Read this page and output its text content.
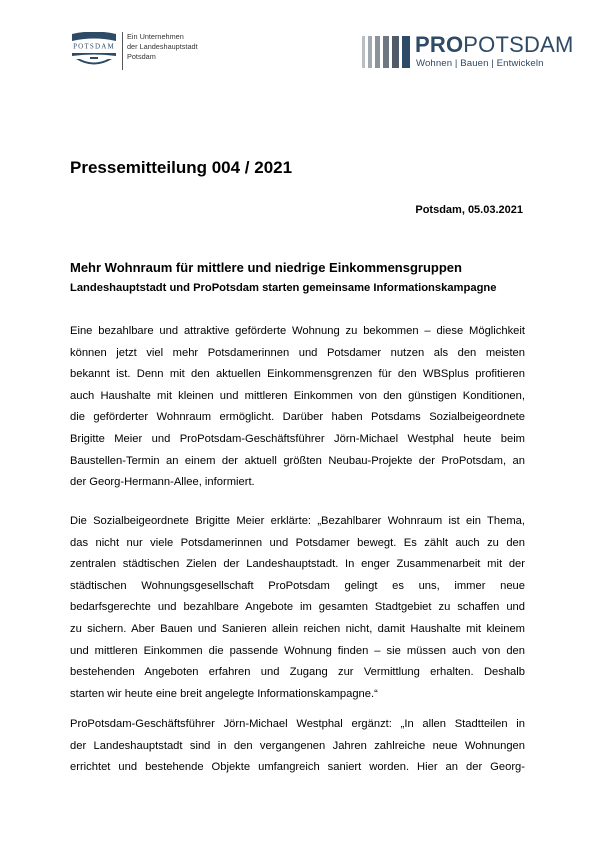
POTSDAM
Ein Unternehmen
der Landeshauptstadt
Potsdam	PROPOTSDAM
Wohnen | Bauen | Entwickeln
Pressemitteilung 004 / 2021
Potsdam, 05.03.2021
Mehr Wohnraum für mittlere und niedrige Einkommensgruppen
Landeshauptstadt und ProPotsdam starten gemeinsame Informationskampagne
Eine bezahlbare und attraktive geförderte Wohnung zu bekommen – diese Möglichkeit
können jetzt viel mehr Potsdamerinnen und Potsdamer nutzen als den meisten
bekannt ist. Denn mit den aktuellen Einkommensgrenzen für den WBSplus profitieren
auch Haushalte mit kleinen und mittleren Einkommen von den günstigen Konditionen,
die geförderter Wohnraum ermöglicht. Darüber haben Potsdams Sozialbeigeordnete
Brigitte Meier und ProPotsdam-Geschäftsführer Jörn-Michael Westphal heute beim
Baustellen-Termin an einem der aktuell größten Neubau-Projekte der ProPotsdam, an
der Georg-Hermann-Allee, informiert.
Die Sozialbeigeordnete Brigitte Meier erklärte: „Bezahlbarer Wohnraum ist ein Thema,
das nicht nur viele Potsdamerinnen und Potsdamer bewegt. Es zählt auch zu den
zentralen städtischen Zielen der Landeshauptstadt. In enger Zusammenarbeit mit der
städtischen Wohnungsgesellschaft ProPotsdam gelingt es uns, immer neue
bedarfsgerechte und bezahlbare Angebote im gesamten Stadtgebiet zu schaffen und
zu sichern. Aber Bauen und Sanieren allein reichen nicht, damit Haushalte mit kleinem
und mittleren Einkommen die passende Wohnung finden – sie müssen auch von den
bestehenden Angeboten erfahren und Zugang zur Vermittlung erhalten. Deshalb
starten wir heute eine breit angelegte Informationskampagne.“
ProPotsdam-Geschäftsführer Jörn-Michael Westphal ergänzt: „In allen Stadtteilen in
der Landeshauptstadt sind in den vergangenen Jahren zahlreiche neue Wohnungen
errichtet und bestehende Objekte umfangreich saniert worden. Hier an der Georg-
